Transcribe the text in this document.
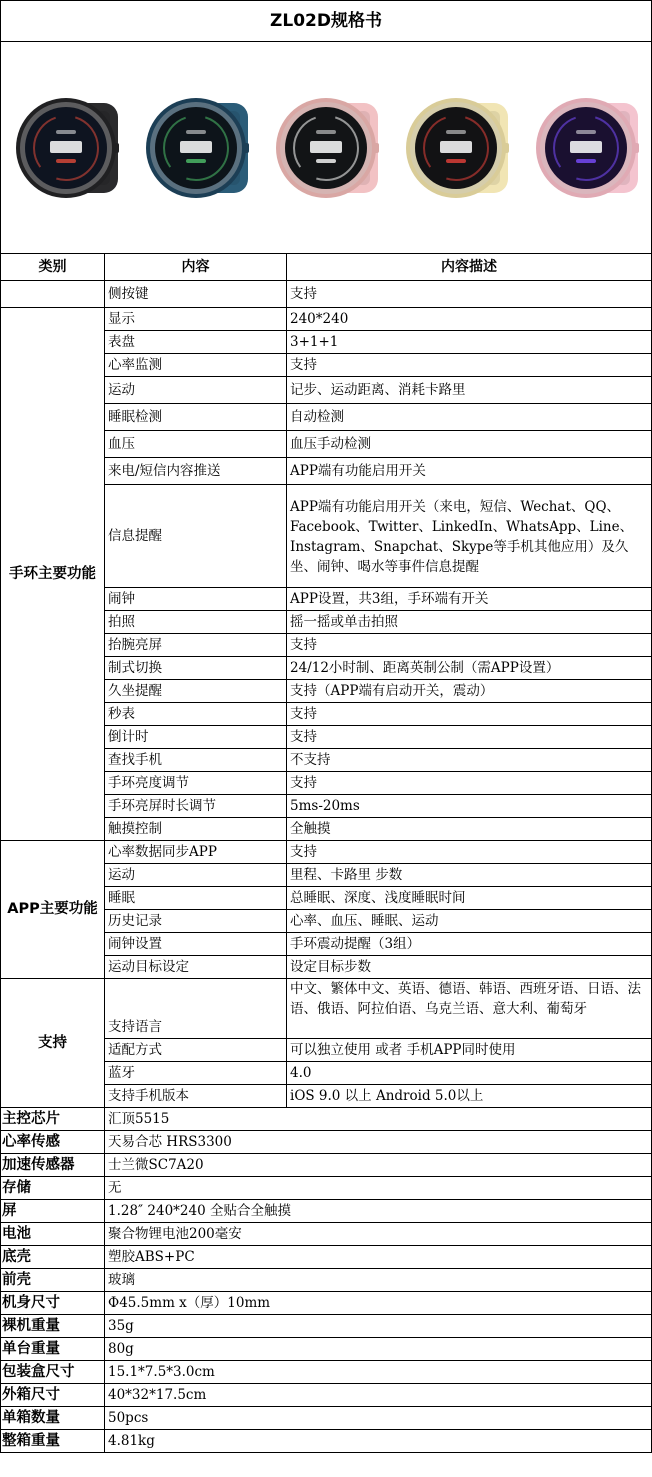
ZL02D规格书		

类别	内容	内容描述
	侧按键	支持
手环主要功能	显示	240*240
	表盘	3+1+1
	心率监测	支持
	运动	记步、运动距离、消耗卡路里
	睡眠检测	自动检测
	血压	血压手动检测
	来电/短信内容推送	APP端有功能启用开关
	信息提醒	APP端有功能启用开关（来电，短信、Wechat、QQ、Facebook、Twitter、LinkedIn、WhatsApp、Line、Instagram、Snapchat、Skype等手机其他应用）及久坐、闹钟、喝水等事件信息提醒
	闹钟	APP设置，共3组，手环端有开关
	拍照	摇一摇或单击拍照
	抬腕亮屏	支持
	制式切换	24/12小时制、距离英制公制（需APP设置）
	久坐提醒	支持（APP端有启动开关，震动）
	秒表	支持
	倒计时	支持
	查找手机	不支持
	手环亮度调节	支持
	手环亮屏时长调节	5ms-20ms
	触摸控制	全触摸
APP主要功能	心率数据同步APP	支持
	运动	里程、卡路里 步数
	睡眠	总睡眠、深度、浅度睡眠时间
	历史记录	心率、血压、睡眠、运动
	闹钟设置	手环震动提醒（3组）
	运动目标设定	设定目标步数
支持	支持语言	中文、繁体中文、英语、德语、韩语、西班牙语、日语、法语、俄语、阿拉伯语、乌克兰语、意大利、葡萄牙
	适配方式	可以独立使用 或者 手机APP同时使用
	蓝牙	4.0
	支持手机版本	iOS 9.0 以上 Android 5.0以上
主控芯片	汇顶5515	
心率传感	天易合芯 HRS3300	
加速传感器	士兰微SC7A20	
存储	无	
屏	1.28″ 240*240 全贴合全触摸	
电池	聚合物锂电池200毫安	
底壳	塑胶ABS+PC	
前壳	玻璃	
机身尺寸	Ф45.5mm x（厚）10mm	
裸机重量	35g	
单台重量	80g	
包装盒尺寸	15.1*7.5*3.0cm	
外箱尺寸	40*32*17.5cm	
单箱数量	50pcs	
整箱重量	4.81kg	
